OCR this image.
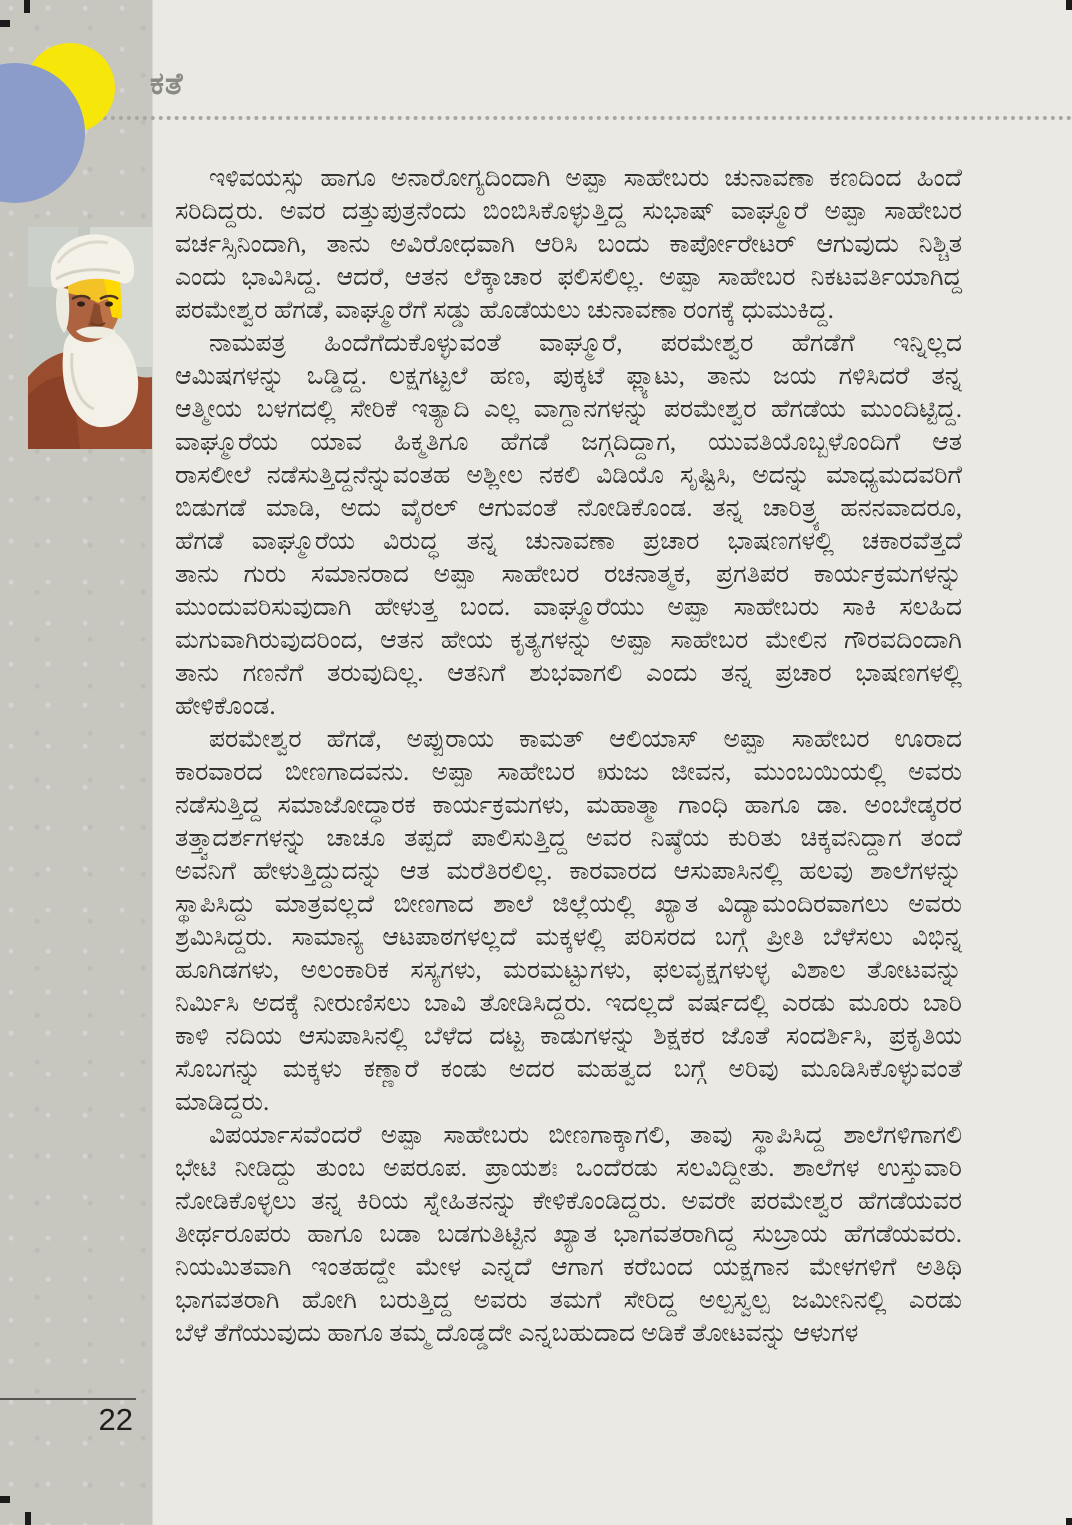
ಕತೆ
ಇಳಿವಯಸ್ಸು ಹಾಗೂ ಅನಾರೋಗ್ಯದಿಂದಾಗಿ ಅಪ್ಪಾ ಸಾಹೇಬರು ಚುನಾವಣಾ ಕಣದಿಂದ ಹಿಂದೆ
ಸರಿದಿದ್ದರು. ಅವರ ದತ್ತುಪುತ್ರನೆಂದು ಬಿಂಬಿಸಿಕೊಳ್ಳುತ್ತಿದ್ದ ಸುಭಾಷ್ ವಾಘ್ಮೂರೆ ಅಪ್ಪಾ ಸಾಹೇಬರ
ವರ್ಚಸ್ಸಿನಿಂದಾಗಿ, ತಾನು ಅವಿರೋಧವಾಗಿ ಆರಿಸಿ ಬಂದು ಕಾರ್ಪೋರೇಟರ್ ಆಗುವುದು ನಿಶ್ಚಿತ
ಎಂದು ಭಾವಿಸಿದ್ದ. ಆದರೆ, ಆತನ ಲೆಕ್ಕಾಚಾರ ಫಲಿಸಲಿಲ್ಲ. ಅಪ್ಪಾ ಸಾಹೇಬರ ನಿಕಟವರ್ತಿಯಾಗಿದ್ದ
ಪರಮೇಶ್ವರ ಹೆಗಡೆ, ವಾಘ್ಮೂರೆಗೆ ಸಡ್ಡು ಹೊಡೆಯಲು ಚುನಾವಣಾ ರಂಗಕ್ಕೆ ಧುಮುಕಿದ್ದ.
ನಾಮಪತ್ರ ಹಿಂದೆಗೆದುಕೊಳ್ಳುವಂತೆ ವಾಘ್ಮೂರೆ, ಪರಮೇಶ್ವರ ಹೆಗಡೆಗೆ ಇನ್ನಿಲ್ಲದ
ಆಮಿಷಗಳನ್ನು ಒಡ್ಡಿದ್ದ. ಲಕ್ಷಗಟ್ಟಲೆ ಹಣ, ಪುಕ್ಕಟೆ ಫ್ಲ್ಯಾಟು, ತಾನು ಜಯ ಗಳಿಸಿದರೆ ತನ್ನ
ಆತ್ಮೀಯ ಬಳಗದಲ್ಲಿ ಸೇರಿಕೆ ಇತ್ಯಾದಿ ಎಲ್ಲ ವಾಗ್ದಾನಗಳನ್ನು ಪರಮೇಶ್ವರ ಹೆಗಡೆಯ ಮುಂದಿಟ್ಟಿದ್ದ.
ವಾಘ್ಮೂರೆಯ ಯಾವ ಹಿಕ್ಮತಿಗೂ ಹೆಗಡೆ ಜಗ್ಗದಿದ್ದಾಗ, ಯುವತಿಯೊಬ್ಬಳೊಂದಿಗೆ ಆತ
ರಾಸಲೀಲೆ ನಡೆಸುತ್ತಿದ್ದನೆನ್ನುವಂತಹ ಅಶ್ಲೀಲ ನಕಲಿ ವಿಡಿಯೊ ಸೃಷ್ಟಿಸಿ, ಅದನ್ನು ಮಾಧ್ಯಮದವರಿಗೆ
ಬಿಡುಗಡೆ ಮಾಡಿ, ಅದು ವೈರಲ್ ಆಗುವಂತೆ ನೋಡಿಕೊಂಡ. ತನ್ನ ಚಾರಿತ್ರ್ಯ ಹನನವಾದರೂ,
ಹೆಗಡೆ ವಾಘ್ಮೂರೆಯ ವಿರುದ್ಧ ತನ್ನ ಚುನಾವಣಾ ಪ್ರಚಾರ ಭಾಷಣಗಳಲ್ಲಿ ಚಕಾರವೆತ್ತದೆ
ತಾನು ಗುರು ಸಮಾನರಾದ ಅಪ್ಪಾ ಸಾಹೇಬರ ರಚನಾತ್ಮಕ, ಪ್ರಗತಿಪರ ಕಾರ್ಯಕ್ರಮಗಳನ್ನು
ಮುಂದುವರಿಸುವುದಾಗಿ ಹೇಳುತ್ತ ಬಂದ. ವಾಘ್ಮೂರೆಯು ಅಪ್ಪಾ ಸಾಹೇಬರು ಸಾಕಿ ಸಲಹಿದ
ಮಗುವಾಗಿರುವುದರಿಂದ, ಆತನ ಹೇಯ ಕೃತ್ಯಗಳನ್ನು ಅಪ್ಪಾ ಸಾಹೇಬರ ಮೇಲಿನ ಗೌರವದಿಂದಾಗಿ
ತಾನು ಗಣನೆಗೆ ತರುವುದಿಲ್ಲ. ಆತನಿಗೆ ಶುಭವಾಗಲಿ ಎಂದು ತನ್ನ ಪ್ರಚಾರ ಭಾಷಣಗಳಲ್ಲಿ
ಹೇಳಿಕೊಂಡ.
ಪರಮೇಶ್ವರ ಹೆಗಡೆ, ಅಪ್ಪುರಾಯ ಕಾಮತ್ ಆಲಿಯಾಸ್ ಅಪ್ಪಾ ಸಾಹೇಬರ ಊರಾದ
ಕಾರವಾರದ ಬೀಣಗಾದವನು. ಅಪ್ಪಾ ಸಾಹೇಬರ ಋಜು ಜೀವನ, ಮುಂಬಯಿಯಲ್ಲಿ ಅವರು
ನಡೆಸುತ್ತಿದ್ದ ಸಮಾಜೋದ್ಧಾರಕ ಕಾರ್ಯಕ್ರಮಗಳು, ಮಹಾತ್ಮಾ ಗಾಂಧಿ ಹಾಗೂ ಡಾ. ಅಂಬೇಡ್ಕರರ
ತತ್ತ್ವಾದರ್ಶಗಳನ್ನು ಚಾಚೂ ತಪ್ಪದೆ ಪಾಲಿಸುತ್ತಿದ್ದ ಅವರ ನಿಷ್ಠೆಯ ಕುರಿತು ಚಿಕ್ಕವನಿದ್ದಾಗ ತಂದೆ
ಅವನಿಗೆ ಹೇಳುತ್ತಿದ್ದುದನ್ನು ಆತ ಮರೆತಿರಲಿಲ್ಲ. ಕಾರವಾರದ ಆಸುಪಾಸಿನಲ್ಲಿ ಹಲವು ಶಾಲೆಗಳನ್ನು
ಸ್ಥಾಪಿಸಿದ್ದು ಮಾತ್ರವಲ್ಲದೆ ಬೀಣಗಾದ ಶಾಲೆ ಜಿಲ್ಲೆಯಲ್ಲಿ ಖ್ಯಾತ ವಿದ್ಯಾಮಂದಿರವಾಗಲು ಅವರು
ಶ್ರಮಿಸಿದ್ದರು. ಸಾಮಾನ್ಯ ಆಟಪಾಠಗಳಲ್ಲದೆ ಮಕ್ಕಳಲ್ಲಿ ಪರಿಸರದ ಬಗ್ಗೆ ಪ್ರೀತಿ ಬೆಳೆಸಲು ವಿಭಿನ್ನ
ಹೂಗಿಡಗಳು, ಅಲಂಕಾರಿಕ ಸಸ್ಯಗಳು, ಮರಮಟ್ಟುಗಳು, ಫಲವೃಕ್ಷಗಳುಳ್ಳ ವಿಶಾಲ ತೋಟವನ್ನು
ನಿರ್ಮಿಸಿ ಅದಕ್ಕೆ ನೀರುಣಿಸಲು ಬಾವಿ ತೋಡಿಸಿದ್ದರು. ಇದಲ್ಲದೆ ವರ್ಷದಲ್ಲಿ ಎರಡು ಮೂರು ಬಾರಿ
ಕಾಳಿ ನದಿಯ ಆಸುಪಾಸಿನಲ್ಲಿ ಬೆಳೆದ ದಟ್ಟ ಕಾಡುಗಳನ್ನು ಶಿಕ್ಷಕರ ಜೊತೆ ಸಂದರ್ಶಿಸಿ, ಪ್ರಕೃತಿಯ
ಸೊಬಗನ್ನು ಮಕ್ಕಳು ಕಣ್ಣಾರೆ ಕಂಡು ಅದರ ಮಹತ್ವದ ಬಗ್ಗೆ ಅರಿವು ಮೂಡಿಸಿಕೊಳ್ಳುವಂತೆ
ಮಾಡಿದ್ದರು.
ವಿಪರ್ಯಾಸವೆಂದರೆ ಅಪ್ಪಾ ಸಾಹೇಬರು ಬೀಣಗಾಕ್ಕಾಗಲಿ, ತಾವು ಸ್ಥಾಪಿಸಿದ್ದ ಶಾಲೆಗಳಿಗಾಗಲಿ
ಭೇಟಿ ನೀಡಿದ್ದು ತುಂಬ ಅಪರೂಪ. ಪ್ರಾಯಶಃ ಒಂದೆರಡು ಸಲವಿದ್ದೀತು. ಶಾಲೆಗಳ ಉಸ್ತುವಾರಿ
ನೋಡಿಕೊಳ್ಳಲು ತನ್ನ ಕಿರಿಯ ಸ್ನೇಹಿತನನ್ನು ಕೇಳಿಕೊಂಡಿದ್ದರು. ಅವರೇ ಪರಮೇಶ್ವರ ಹೆಗಡೆಯವರ
ತೀರ್ಥರೂಪರು ಹಾಗೂ ಬಡಾ ಬಡಗುತಿಟ್ಟಿನ ಖ್ಯಾತ ಭಾಗವತರಾಗಿದ್ದ ಸುಬ್ರಾಯ ಹೆಗಡೆಯವರು.
ನಿಯಮಿತವಾಗಿ ಇಂತಹದ್ದೇ ಮೇಳ ಎನ್ನದೆ ಆಗಾಗ ಕರೆಬಂದ ಯಕ್ಷಗಾನ ಮೇಳಗಳಿಗೆ ಅತಿಥಿ
ಭಾಗವತರಾಗಿ ಹೋಗಿ ಬರುತ್ತಿದ್ದ ಅವರು ತಮಗೆ ಸೇರಿದ್ದ ಅಲ್ಪಸ್ವಲ್ಪ ಜಮೀನಿನಲ್ಲಿ ಎರಡು
ಬೆಳೆ ತೆಗೆಯುವುದು ಹಾಗೂ ತಮ್ಮ ದೊಡ್ಡದೇ ಎನ್ನಬಹುದಾದ ಅಡಿಕೆ ತೋಟವನ್ನು ಆಳುಗಳ
22
